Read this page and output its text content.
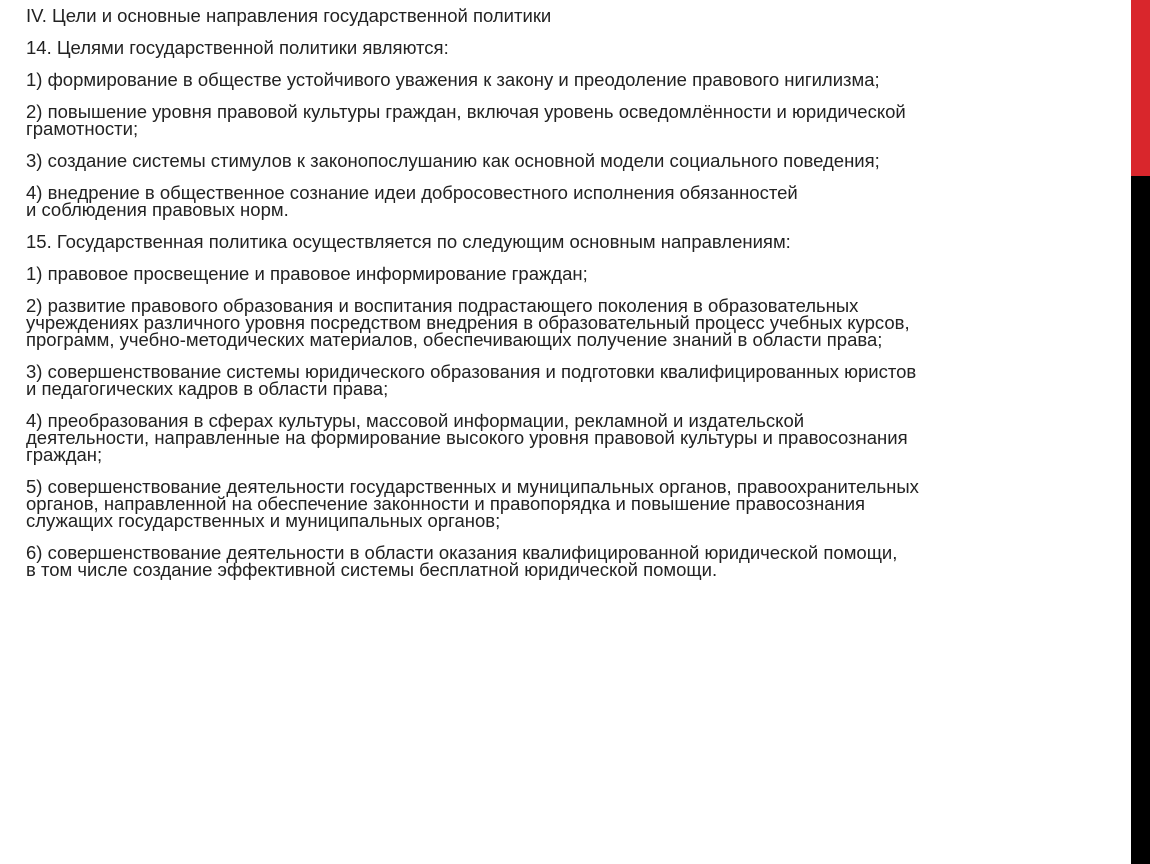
IV. Цели и основные направления государственной политики

14. Целями государственной политики являются:

1) формирование в обществе устойчивого уважения к закону и преодоление правового нигилизма;

2) повышение уровня правовой культуры граждан, включая уровень осведомлённости и юридической
грамотности;

3) создание системы стимулов к законопослушанию как основной модели социального поведения;

4) внедрение в общественное сознание идеи добросовестного исполнения обязанностей
и соблюдения правовых норм.

15. Государственная политика осуществляется по следующим основным направлениям:

1) правовое просвещение и правовое информирование граждан;

2) развитие правового образования и воспитания подрастающего поколения в образовательных
учреждениях различного уровня посредством внедрения в образовательный процесс учебных курсов,
программ, учебно-методических материалов, обеспечивающих получение знаний в области права;

3) совершенствование системы юридического образования и подготовки квалифицированных юристов
и педагогических кадров в области права;

4) преобразования в сферах культуры, массовой информации, рекламной и издательской
деятельности, направленные на формирование высокого уровня правовой культуры и правосознания
граждан;

5) совершенствование деятельности государственных и муниципальных органов, правоохранительных
органов, направленной на обеспечение законности и правопорядка и повышение правосознания
служащих государственных и муниципальных органов;

6) совершенствование деятельности в области оказания квалифицированной юридической помощи,
в том числе создание эффективной системы бесплатной юридической помощи.
